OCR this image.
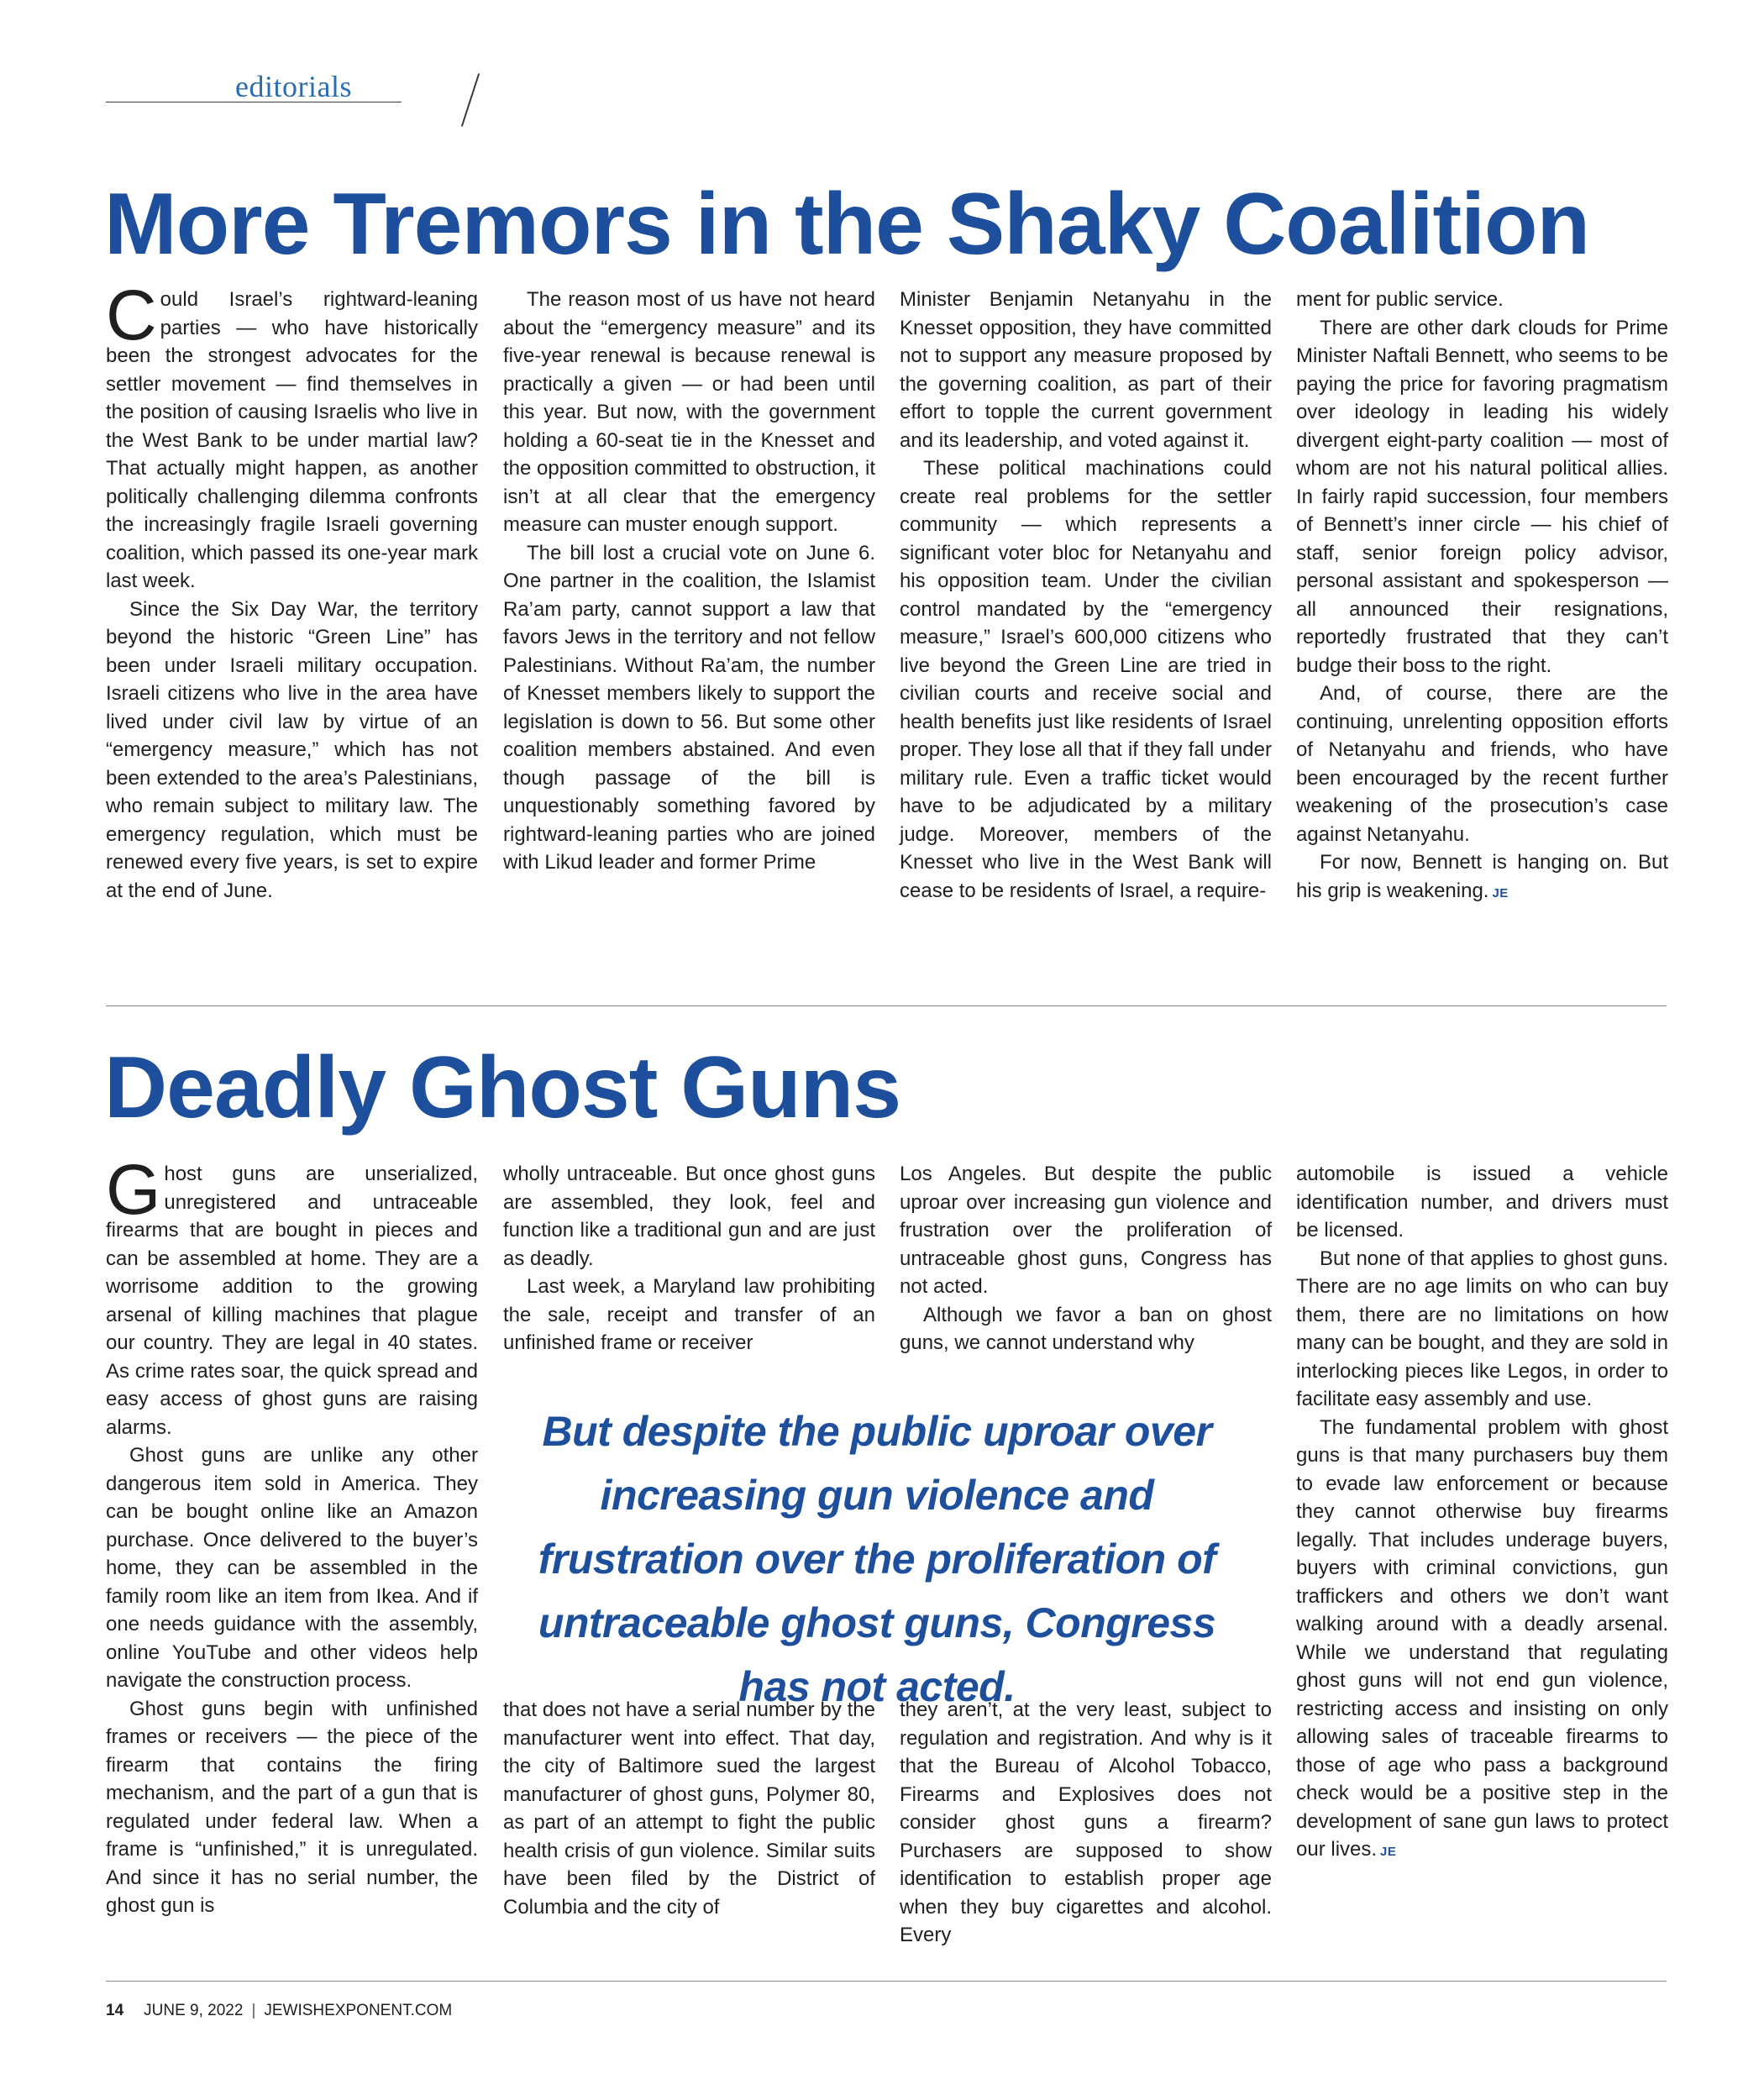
editorials
More Tremors in the Shaky Coalition

Could Israel’s rightward-leaning parties — who have historically been the strongest advocates for the settler movement — find themselves in the position of causing Israelis who live in the West Bank to be under martial law? That actually might happen, as another politically challenging dilemma confronts the increasingly fragile Israeli governing coalition, which passed its one-year mark last week.

Since the Six Day War, the territory beyond the historic “Green Line” has been under Israeli military occupation. Israeli citizens who live in the area have lived under civil law by virtue of an “emergency measure,” which has not been extended to the area’s Palestinians, who remain subject to military law. The emergency regulation, which must be renewed every five years, is set to expire at the end of June.

The reason most of us have not heard about the “emergency measure” and its five-year renewal is because renewal is practically a given — or had been until this year. But now, with the government holding a 60-seat tie in the Knesset and the opposition committed to obstruction, it isn’t at all clear that the emergency measure can muster enough support.

The bill lost a crucial vote on June 6. One partner in the coalition, the Islamist Ra’am party, cannot support a law that favors Jews in the territory and not fellow Palestinians. Without Ra’am, the number of Knesset members likely to support the legislation is down to 56. But some other coalition members abstained. And even though passage of the bill is unquestionably something favored by rightward-leaning parties who are joined with Likud leader and former Prime

Minister Benjamin Netanyahu in the Knesset opposition, they have committed not to support any measure proposed by the governing coalition, as part of their effort to topple the current government and its leadership, and voted against it.

These political machinations could create real problems for the settler community — which represents a significant voter bloc for Netanyahu and his opposition team. Under the civilian control mandated by the “emergency measure,” Israel’s 600,000 citizens who live beyond the Green Line are tried in civilian courts and receive social and health benefits just like residents of Israel proper. They lose all that if they fall under military rule. Even a traffic ticket would have to be adjudicated by a military judge. Moreover, members of the Knesset who live in the West Bank will cease to be residents of Israel, a require-

ment for public service.

There are other dark clouds for Prime Minister Naftali Bennett, who seems to be paying the price for favoring pragmatism over ideology in leading his widely divergent eight-party coalition — most of whom are not his natural political allies. In fairly rapid succession, four members of Bennett’s inner circle — his chief of staff, senior foreign policy advisor, personal assistant and spokesperson — all announced their resignations, reportedly frustrated that they can’t budge their boss to the right.

And, of course, there are the continuing, unrelenting opposition efforts of Netanyahu and friends, who have been encouraged by the recent further weakening of the prosecution’s case against Netanyahu.

For now, Bennett is hanging on. But his grip is weakening. JE

Deadly Ghost Guns

Ghost guns are unserialized, unregistered and untraceable firearms that are bought in pieces and can be assembled at home. They are a worrisome addition to the growing arsenal of killing machines that plague our country. They are legal in 40 states. As crime rates soar, the quick spread and easy access of ghost guns are raising alarms.

Ghost guns are unlike any other dangerous item sold in America. They can be bought online like an Amazon purchase. Once delivered to the buyer’s home, they can be assembled in the family room like an item from Ikea. And if one needs guidance with the assembly, online YouTube and other videos help navigate the construction process.

Ghost guns begin with unfinished frames or receivers — the piece of the firearm that contains the firing mechanism, and the part of a gun that is regulated under federal law. When a frame is “unfinished,” it is unregulated. And since it has no serial number, the ghost gun is

wholly untraceable. But once ghost guns are assembled, they look, feel and function like a traditional gun and are just as deadly.

Last week, a Maryland law prohibiting the sale, receipt and transfer of an unfinished frame or receiver

Los Angeles. But despite the public uproar over increasing gun violence and frustration over the proliferation of untraceable ghost guns, Congress has not acted.

Although we favor a ban on ghost guns, we cannot understand why

But despite the public uproar over increasing gun violence and frustration over the proliferation of untraceable ghost guns, Congress has not acted.

that does not have a serial number by the manufacturer went into effect. That day, the city of Baltimore sued the largest manufacturer of ghost guns, Polymer 80, as part of an attempt to fight the public health crisis of gun violence. Similar suits have been filed by the District of Columbia and the city of

they aren’t, at the very least, subject to regulation and registration. And why is it that the Bureau of Alcohol Tobacco, Firearms and Explosives does not consider ghost guns a firearm? Purchasers are supposed to show identification to establish proper age when they buy cigarettes and alcohol. Every

automobile is issued a vehicle identification number, and drivers must be licensed.

But none of that applies to ghost guns. There are no age limits on who can buy them, there are no limitations on how many can be bought, and they are sold in interlocking pieces like Legos, in order to facilitate easy assembly and use.

The fundamental problem with ghost guns is that many purchasers buy them to evade law enforcement or because they cannot otherwise buy firearms legally. That includes underage buyers, buyers with criminal convictions, gun traffickers and others we don’t want walking around with a deadly arsenal. While we understand that regulating ghost guns will not end gun violence, restricting access and insisting on only allowing sales of traceable firearms to those of age who pass a background check would be a positive step in the development of sane gun laws to protect our lives. JE

14 JUNE 9, 2022 | JEWISHEXPONENT.COM
